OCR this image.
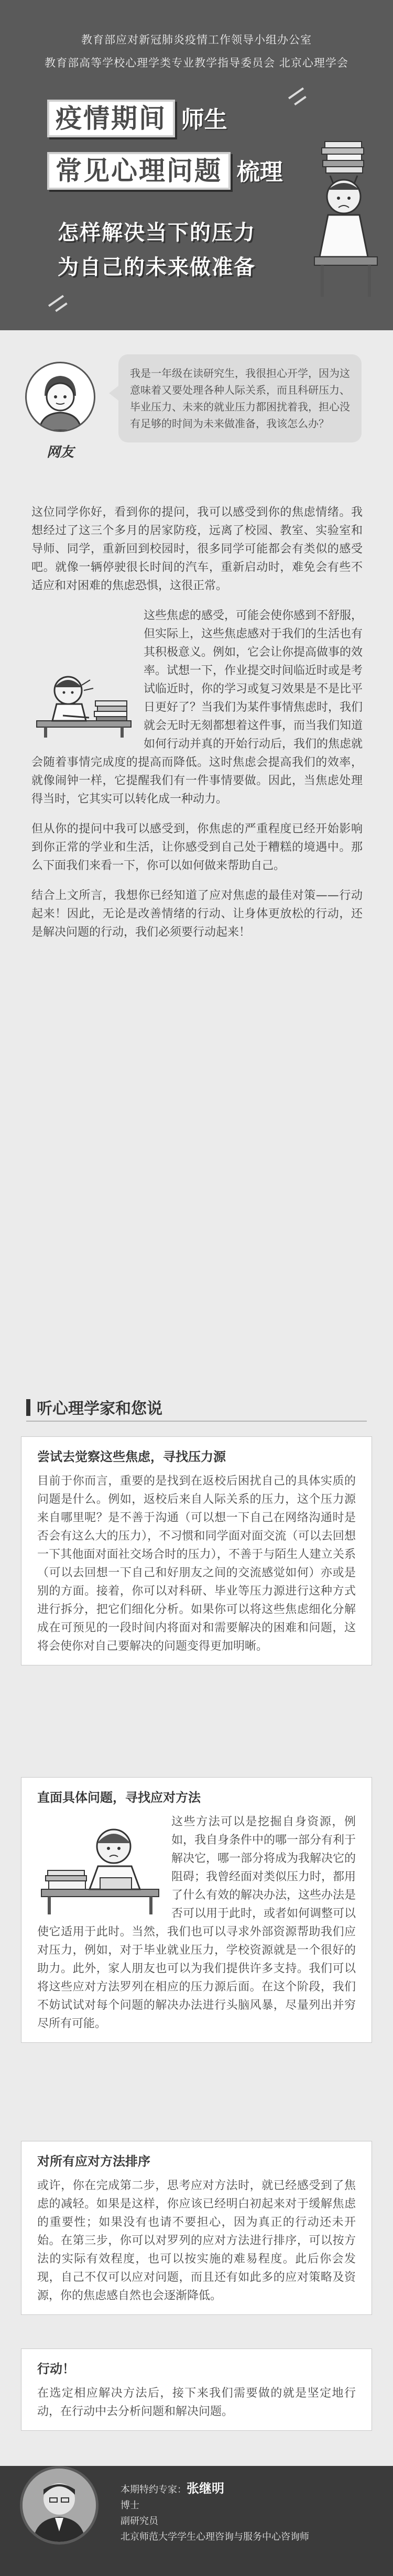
教育部应对新冠肺炎疫情工作领导小组办公室
教育部高等学校心理学类专业教学指导委员会 北京心理学会
疫情期间 师生
常见心理问题 梳理
怎样解决当下的压力
为自己的未来做准备
网友
我是一年级在读研究生，我很担心开学，因为这意味着又要处理各种人际关系，而且科研压力、毕业压力、未来的就业压力都困扰着我，担心没有足够的时间为未来做准备，我该怎么办？

这位同学你好，看到你的提问，我可以感受到你的焦虑情绪。我想经过了这三个多月的居家防疫，远离了校园、教室、实验室和导师、同学，重新回到校园时，很多同学可能都会有类似的感受吧。就像一辆停驶很长时间的汽车，重新启动时，难免会有些不适应和对困难的焦虑恐惧，这很正常。

这些焦虑的感受，可能会使你感到不舒服，但实际上，这些焦虑感对于我们的生活也有其积极意义。例如，它会让你提高做事的效率。试想一下，作业提交时间临近时或是考试临近时，你的学习或复习效果是不是比平日更好了？当我们为某件事情焦虑时，我们就会无时无刻都想着这件事，而当我们知道如何行动并真的开始行动后，我们的焦虑就会随着事情完成度的提高而降低。这时焦虑会提高我们的效率，就像闹钟一样，它提醒我们有一件事情要做。因此，当焦虑处理得当时，它其实可以转化成一种动力。

但从你的提问中我可以感受到，你焦虑的严重程度已经开始影响到你正常的学业和生活，让你感受到自己处于糟糕的境遇中。那么下面我们来看一下，你可以如何做来帮助自己。

结合上文所言，我想你已经知道了应对焦虑的最佳对策——行动起来！因此，无论是改善情绪的行动、让身体更放松的行动，还是解决问题的行动，我们必须要行动起来！

听心理学家和您说
尝试去觉察这些焦虑，寻找压力源

目前于你而言，重要的是找到在返校后困扰自己的具体实质的问题是什么。例如，返校后来自人际关系的压力，这个压力源来自哪里呢？是不善于沟通（可以想一下自己在网络沟通时是否会有这么大的压力），不习惯和同学面对面交流（可以去回想一下其他面对面社交场合时的压力），不善于与陌生人建立关系（可以去回想一下自己和好朋友之间的交流感觉如何）亦或是别的方面。接着，你可以对科研、毕业等压力源进行这种方式进行拆分，把它们细化分析。如果你可以将这些焦虑细化分解成在可预见的一段时间内将面对和需要解决的困难和问题，这将会使你对自己要解决的问题变得更加明晰。

直面具体问题，寻找应对方法

这些方法可以是挖掘自身资源，例如，我自身条件中的哪一部分有利于解决它，哪一部分将成为我解决它的阻碍；我曾经面对类似压力时，都用了什么有效的解决办法，这些办法是否可以用于此时，或者如何调整可以使它适用于此时。当然，我们也可以寻求外部资源帮助我们应对压力，例如，对于毕业就业压力，学校资源就是一个很好的助力。此外，家人朋友也可以为我们提供许多支持。我们可以将这些应对方法罗列在相应的压力源后面。在这个阶段，我们不妨试试对每个问题的解决办法进行头脑风暴，尽量列出并穷尽所有可能。

对所有应对方法排序

或许，你在完成第二步，思考应对方法时，就已经感受到了焦虑的减轻。如果是这样，你应该已经明白初起来对于缓解焦虑的重要性；如果没有也请不要担心，因为真正的行动还未开始。在第三步，你可以对罗列的应对方法进行排序，可以按方法的实际有效程度，也可以按实施的难易程度。此后你会发现，自己不仅可以应对问题，而且还有如此多的应对策略及资源，你的焦虑感自然也会逐渐降低。

行动！

在选定相应解决方法后，接下来我们需要做的就是坚定地行动，在行动中去分析问题和解决问题。

本期特约专家：张继明
博士
副研究员
北京师范大学学生心理咨询与服务中心咨询师
